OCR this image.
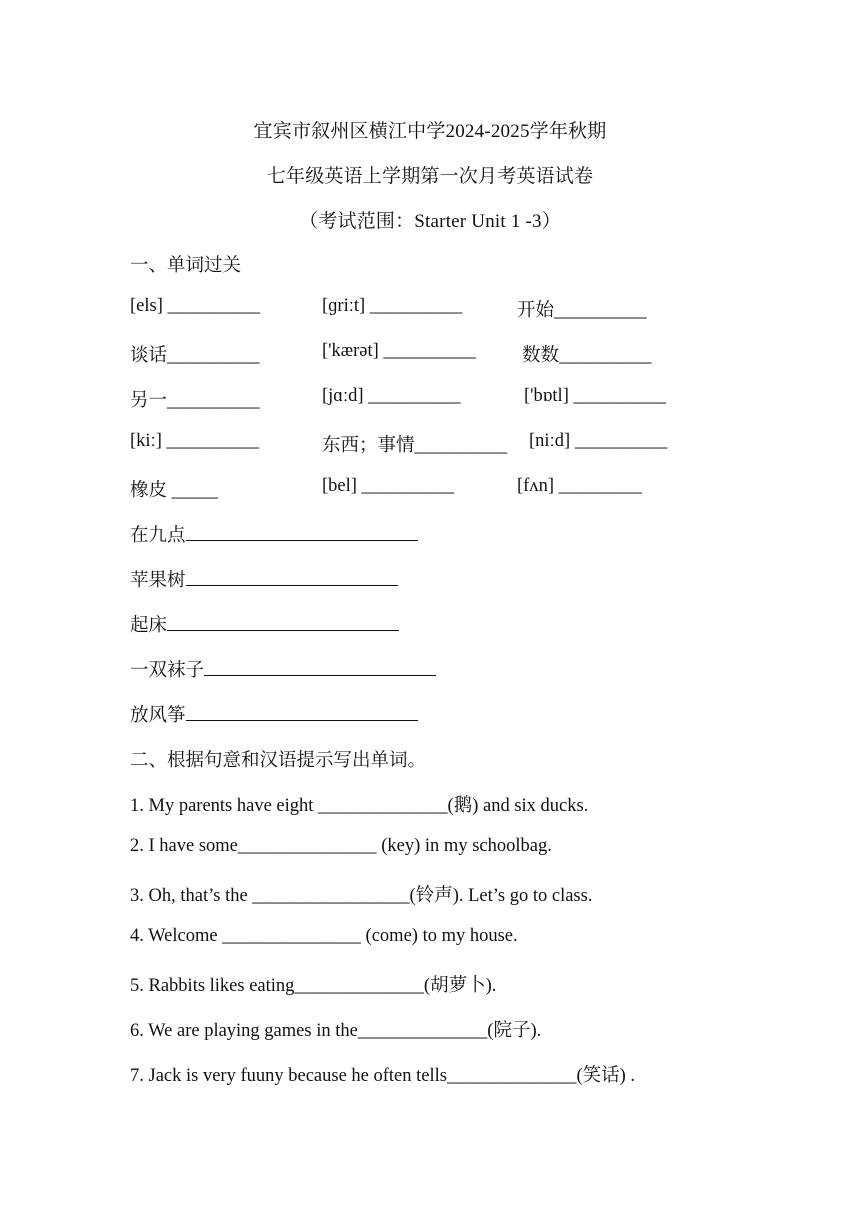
宜宾市叙州区横江中学2024-2025学年秋期
七年级英语上学期第一次月考英语试卷
（考试范围：Starter Unit 1 -3）
一、单词过关
[els] __________	[ɡriːt] __________	开始__________
谈话__________	['kærət] __________ 数数__________
另一__________	[jɑːd] __________	['bɒtl] __________
[kiː] __________	东西；事情__________ [niːd] __________
橡皮 _____	[bel] __________	[fʌn] _________
在九点
苹果树
起床
一双袜子
放风筝
二、根据句意和汉语提示写出单词。
1. My parents have eight ______________(鹅) and six ducks.
2. I have some_______________ (key) in my schoolbag.
3. Oh, that’s the _________________(铃声). Let’s go to class.
4. Welcome _______________ (come) to my house.
5. Rabbits likes eating______________(胡萝卜).
6. We are playing games in the______________(院子).
7. Jack is very fuuny because he often tells______________(笑话) .
